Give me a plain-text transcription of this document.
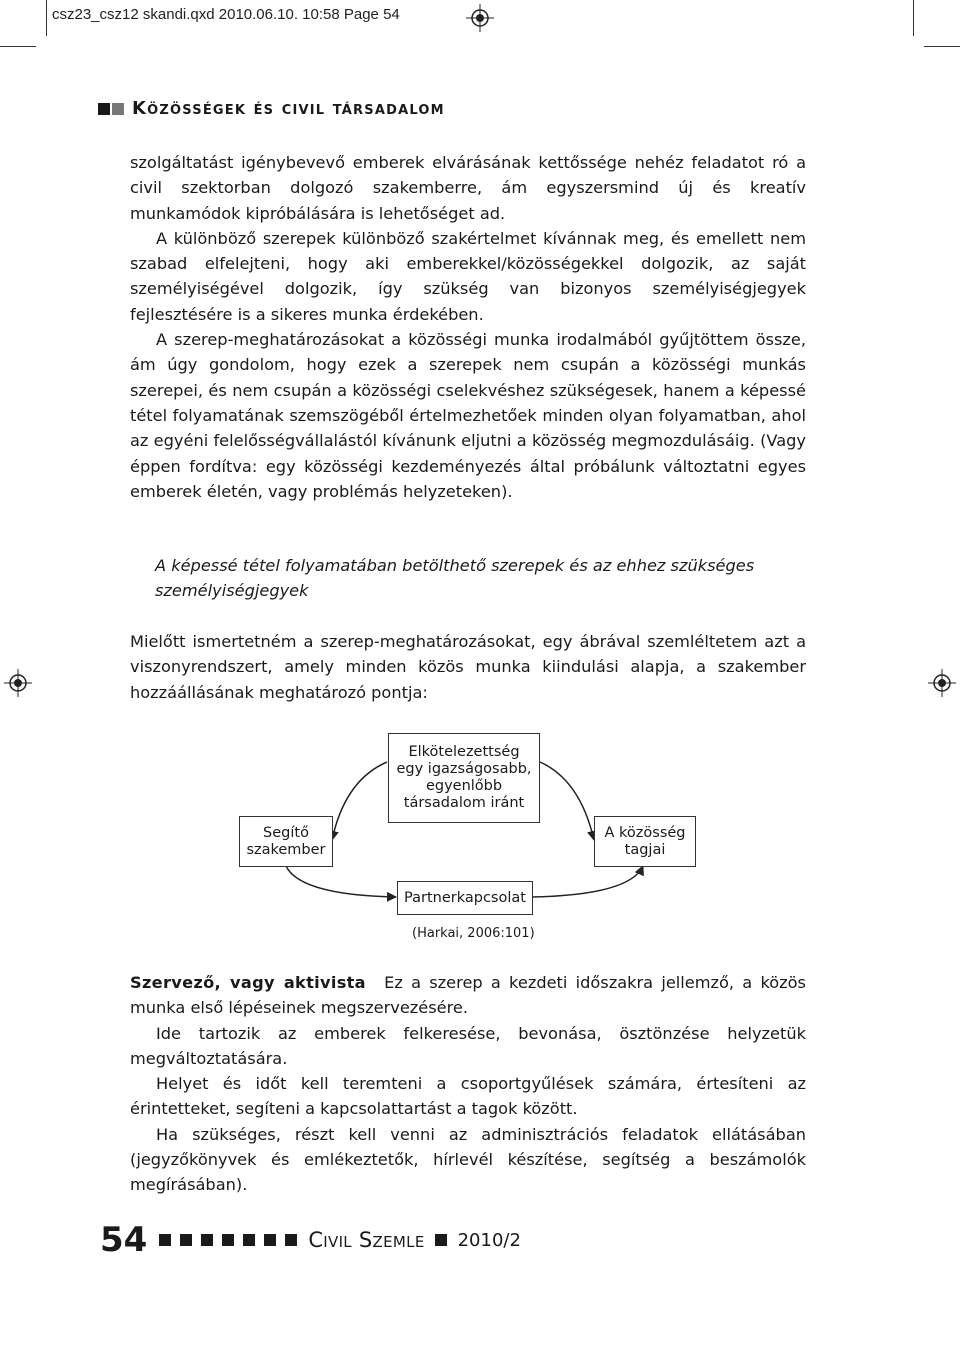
csz23_csz12 skandi.qxd 2010.06.10. 10:58 Page 54
Közösségek és civil társadalom

szolgáltatást igénybevevő emberek elvárásának kettőssége nehéz feladatot ró a civil szektorban dolgozó szakemberre, ám egyszersmind új és kreatív munkamódok kipróbálására is lehetőséget ad.

A különböző szerepek különböző szakértelmet kívánnak meg, és emellett nem szabad elfelejteni, hogy aki emberekkel/közösségekkel dolgozik, az saját személyiségével dolgozik, így szükség van bizonyos személyiségjegyek fejlesztésére is a sikeres munka érdekében.

A szerep-meghatározásokat a közösségi munka irodalmából gyűjtöttem össze, ám úgy gondolom, hogy ezek a szerepek nem csupán a közösségi munkás szerepei, és nem csupán a közösségi cselekvéshez szükségesek, hanem a képessé tétel folyamatának szemszögéből értelmezhetőek minden olyan folyamatban, ahol az egyéni felelősségvállalástól kívánunk eljutni a közösség megmozdulásáig. (Vagy éppen fordítva: egy közösségi kezdeményezés által próbálunk változtatni egyes emberek életén, vagy problémás helyzeteken).

A képessé tétel folyamatában betölthető szerepek és az ehhez szükséges személyiségjegyek

Mielőtt ismertetném a szerep-meghatározásokat, egy ábrával szemléltetem azt a viszonyrendszert, amely minden közös munka kiindulási alapja, a szakember hozzáállásának meghatározó pontja:

Elkötelezettség
egy igazságosabb,
egyenlőbb
társadalom iránt
Segítő
szakember
A közösség
tagjai
Partnerkapcsolat
(Harkai, 2006:101)

Szervező, vagy aktivista Ez a szerep a kezdeti időszakra jellemző, a közös munka első lépéseinek megszervezésére.

Ide tartozik az emberek felkeresése, bevonása, ösztönzése helyzetük megváltoztatására.

Helyet és időt kell teremteni a csoportgyűlések számára, értesíteni az érintetteket, segíteni a kapcsolattartást a tagok között.

Ha szükséges, részt kell venni az adminisztrációs feladatok ellátásában (jegyzőkönyvek és emlékeztetők, hírlevél készítése, segítség a beszámolók megírásában).

54	Civil Szemle 2010/2
